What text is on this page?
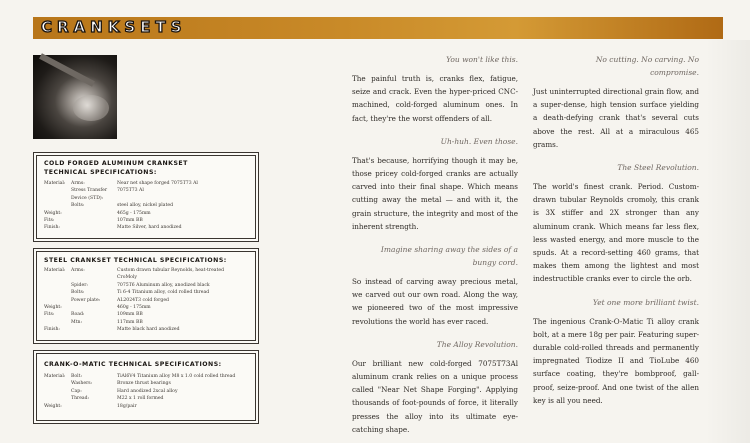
CRANKSETS
COLD FORGED ALUMINUM CRANKSET
TECHNICAL SPECIFICATIONS:
Material:	Arms:	Near net shape forged 7075T73 Al
Stress Transfer Device (STD):
7075T73 Al
Bolts:	steel alloy, nickel plated
Weight:	465g - 175mm
Fits:	107mm BB
Finish:	Matte Silver, hard anodized
STEEL CRANKSET TECHNICAL SPECIFICATIONS:
Material:	Arms:	Custom drawn tubular Reynolds, heat-treated
CroMoly
Spider:	7075T6 Aluminum alloy, anodized black
Bolts:	Ti 6-4 Titanium alloy, cold rolled thread
Power plate:	AL2024T3 cold forged
Weight:	460g - 175mm
Fits:	Road:	109mm BB
Mtn:	117mm BB
Finish:	Matte black hard anodized
CRANK-O-MATIC TECHNICAL SPECIFICATIONS:
Material:	Bolt:	TiAl6V4 Titanium alloy M8 x 1.0 cold rolled thread
Washers:	Bronze thrust bearings
Cap:	Hard anodized 2xcal alloy
Thread:	M22 x 1 roll formed
Weight:	18g/pair

You won't like this.

The painful truth is, cranks flex, fatigue, seize and crack. Even the hyper-priced CNC-machined, cold-forged aluminum ones. In fact, they're the worst offenders of all.

Uh-huh. Even those.

That's because, horrifying though it may be, those pricey cold-forged cranks are actually carved into their final shape. Which means cutting away the metal — and with it, the grain structure, the integrity and most of the inherent strength.

Imagine sharing away the sides of a bungy cord.

So instead of carving away precious metal, we carved out our own road. Along the way, we pioneered two of the most impressive revolutions the world has ever raced.

The Alloy Revolution.

Our brilliant new cold-forged 7075T73Al aluminum crank relies on a unique process called "Near Net Shape Forging". Applying thousands of foot-pounds of force, it literally presses the alloy into its ultimate eye-catching shape.

No cutting. No carving. No compromise.

Just uninterrupted directional grain flow, and a super-dense, high tension surface yielding a death-defying crank that's several cuts above the rest. All at a miraculous 465 grams.

The Steel Revolution.

The world's finest crank. Period. Custom-drawn tubular Reynolds cromoly, this crank is 3X stiffer and 2X stronger than any aluminum crank. Which means far less flex, less wasted energy, and more muscle to the spuds. At a record-setting 460 grams, that makes them among the lightest and most indestructible cranks ever to circle the orb.

Yet one more brilliant twist.

The ingenious Crank-O-Matic Ti alloy crank bolt, at a mere 18g per pair. Featuring super-durable cold-rolled threads and permanently impregnated Tiodize II and TioLube 460 surface coating, they're bombproof, gall-proof, seize-proof. And one twist of the allen key is all you need.
